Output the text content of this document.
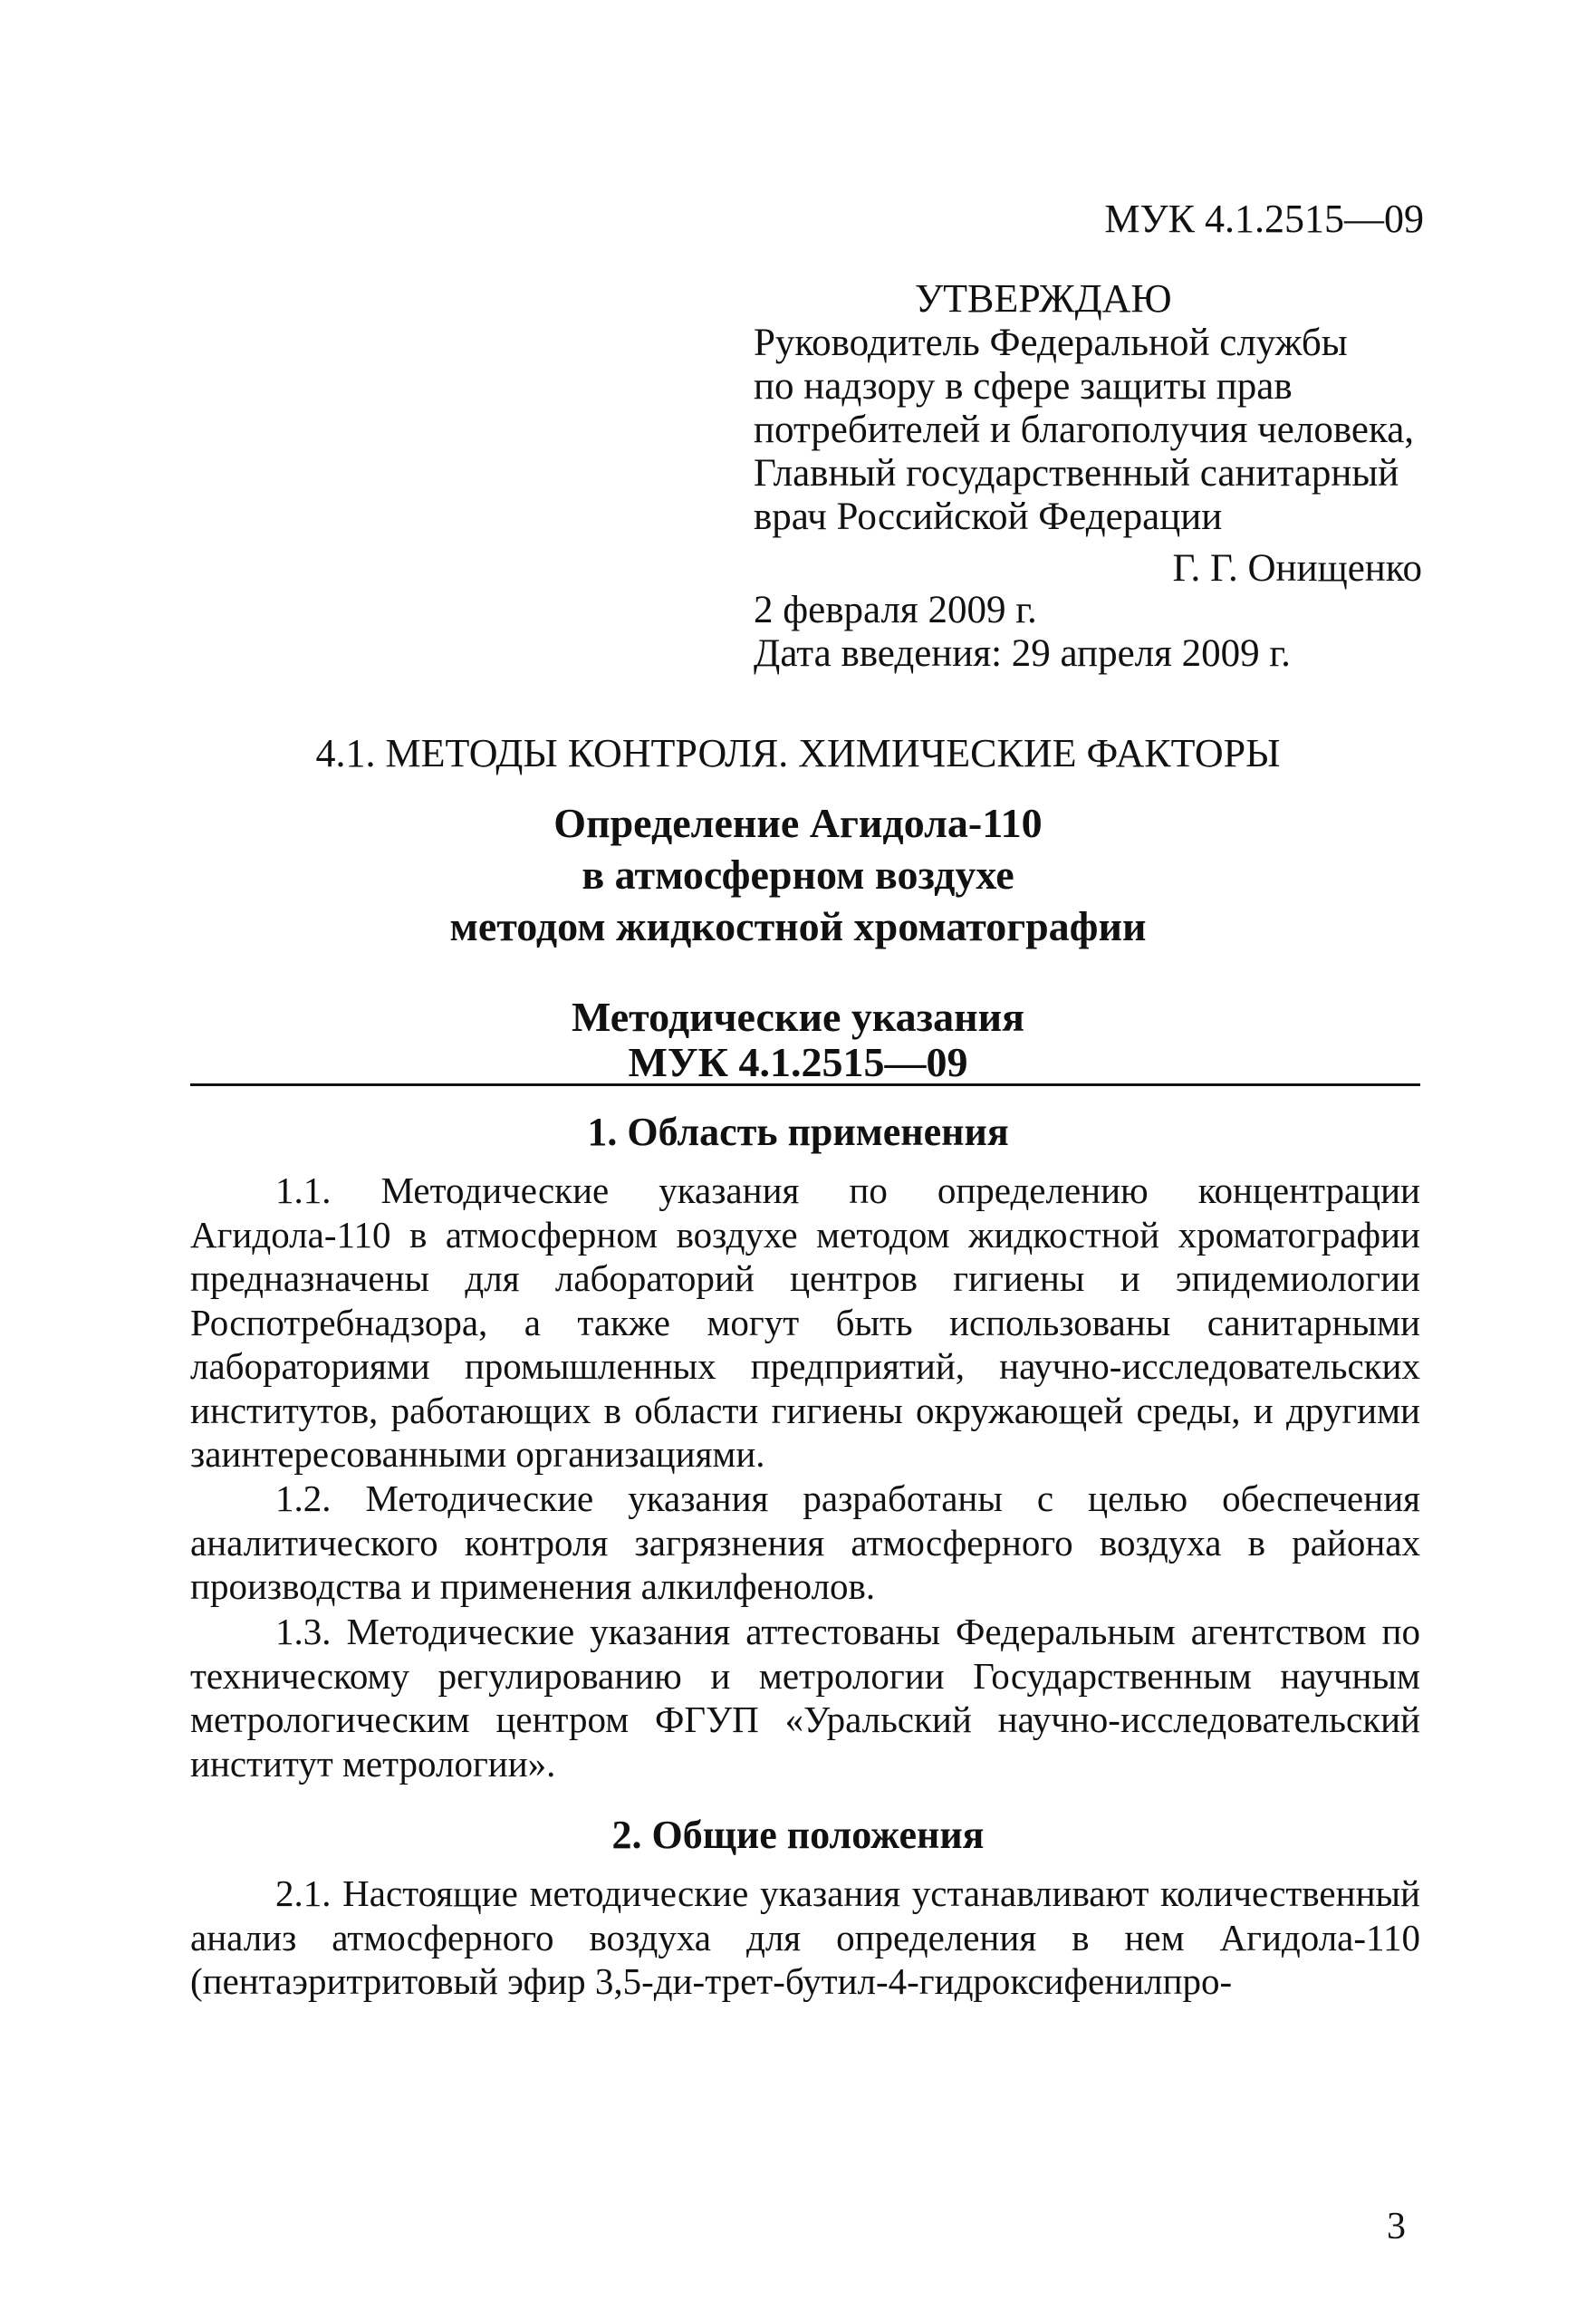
МУК 4.1.2515—09
УТВЕРЖДАЮ
Руководитель Федеральной службы
по надзору в сфере защиты прав
потребителей и благополучия человека,
Главный государственный санитарный
врач Российской Федерации
Г. Г. Онищенко
2 февраля 2009 г.
Дата введения: 29 апреля 2009 г.
4.1. МЕТОДЫ КОНТРОЛЯ. ХИМИЧЕСКИЕ ФАКТОРЫ
Определение Агидола-110
в атмосферном воздухе
методом жидкостной хроматографии
Методические указания
МУК 4.1.2515—09
1. Область применения

1.1. Методические указания по определению концентрации Агидола-110 в атмосферном воздухе методом жидкостной хроматографии предназначены для лабораторий центров гигиены и эпидемиологии Роспотребнадзора, а также могут быть использованы санитарными лабораториями промышленных предприятий, научно-исследовательских институтов, работающих в области гигиены окружающей среды, и другими заинтересованными организациями.

1.2. Методические указания разработаны с целью обеспечения аналитического контроля загрязнения атмосферного воздуха в районах производства и применения алкилфенолов.

1.3. Методические указания аттестованы Федеральным агентством по техническому регулированию и метрологии Государственным научным метрологическим центром ФГУП «Уральский научно-исследовательский институт метрологии».

2. Общие положения

2.1. Настоящие методические указания устанавливают количественный анализ атмосферного воздуха для определения в нем Агидола-110 (пентаэритритовый эфир 3,5-ди-трет-бутил-4-гидроксифенилпро-

3
